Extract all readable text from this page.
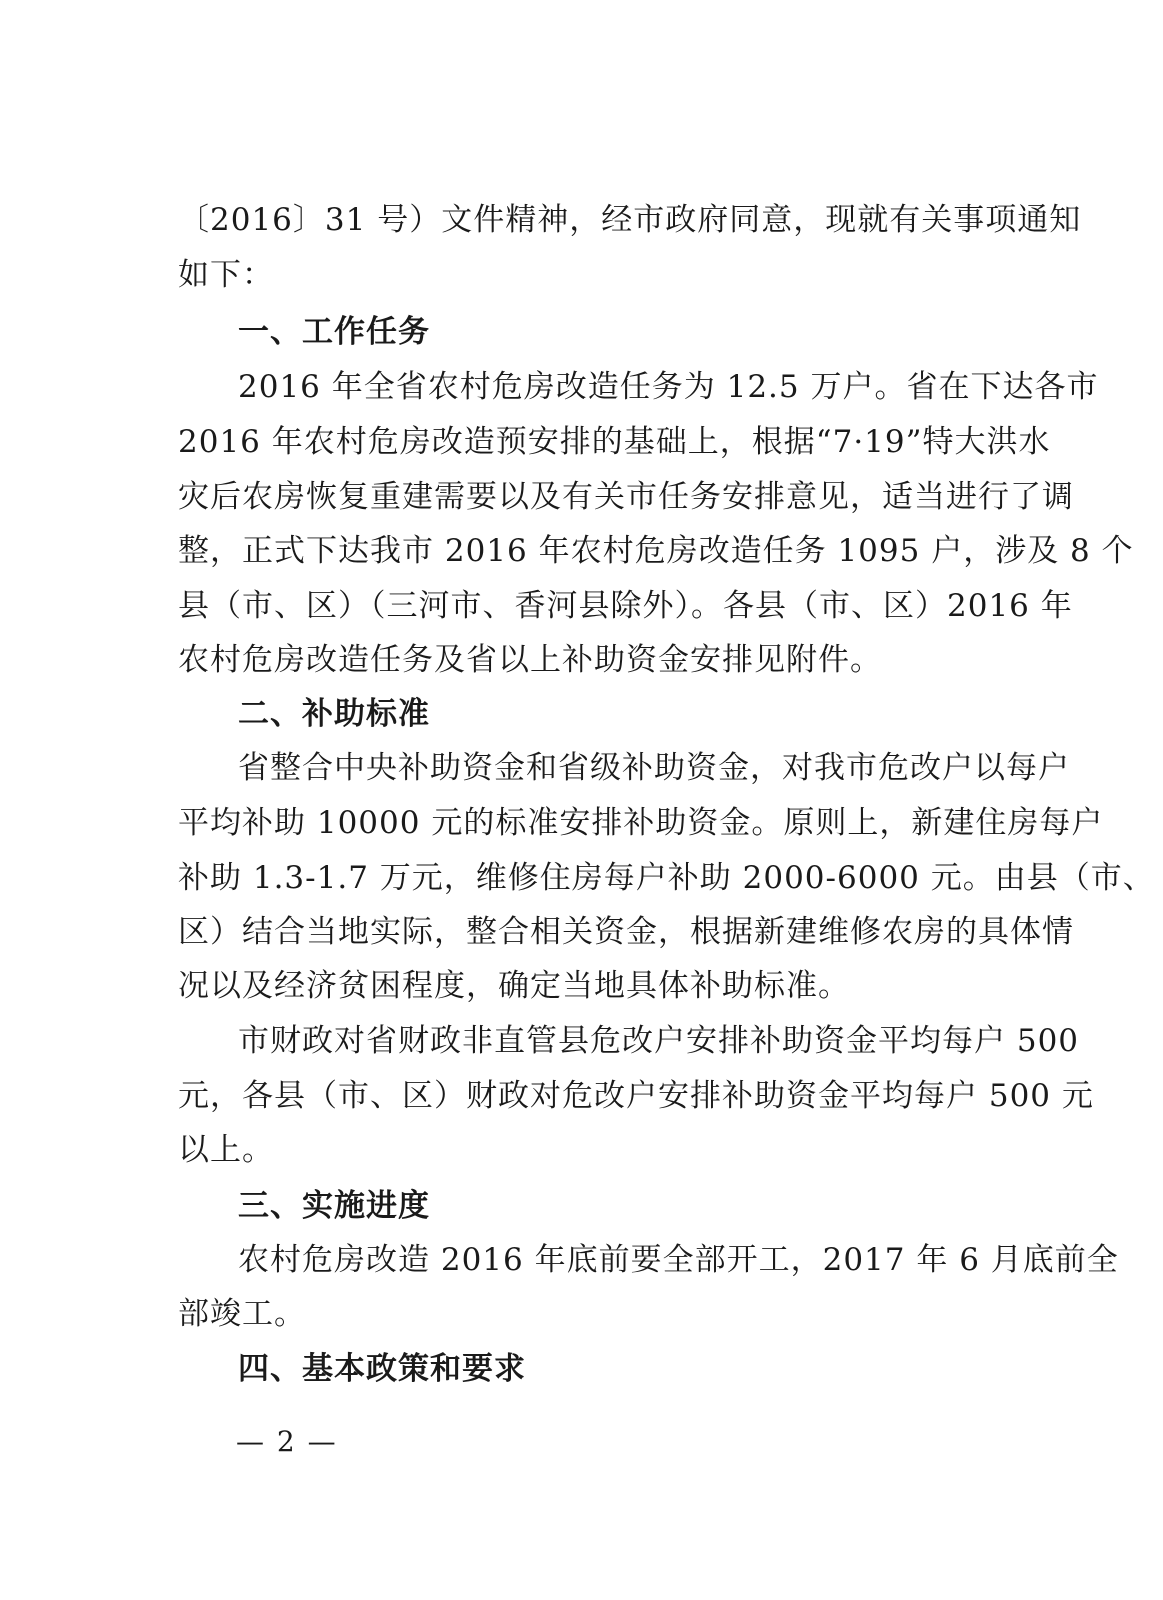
〔2016〕31 号）文件精神，经市政府同意，现就有关事项通知
如下：
一、工作任务
2016 年全省农村危房改造任务为 12.5 万户。省在下达各市
2016 年农村危房改造预安排的基础上，根据“7·19”特大洪水
灾后农房恢复重建需要以及有关市任务安排意见，适当进行了调
整，正式下达我市 2016 年农村危房改造任务 1095 户，涉及 8 个
县（市、区）（三河市、香河县除外）。各县（市、区）2016 年
农村危房改造任务及省以上补助资金安排见附件。
二、补助标准
省整合中央补助资金和省级补助资金，对我市危改户以每户
平均补助 10000 元的标准安排补助资金。原则上，新建住房每户
补助 1.3-1.7 万元，维修住房每户补助 2000-6000 元。由县（市、
区）结合当地实际，整合相关资金，根据新建维修农房的具体情
况以及经济贫困程度，确定当地具体补助标准。
市财政对省财政非直管县危改户安排补助资金平均每户 500
元，各县（市、区）财政对危改户安排补助资金平均每户 500 元
以上。
三、实施进度
农村危房改造 2016 年底前要全部开工，2017 年 6 月底前全
部竣工。
四、基本政策和要求
— 2 —
